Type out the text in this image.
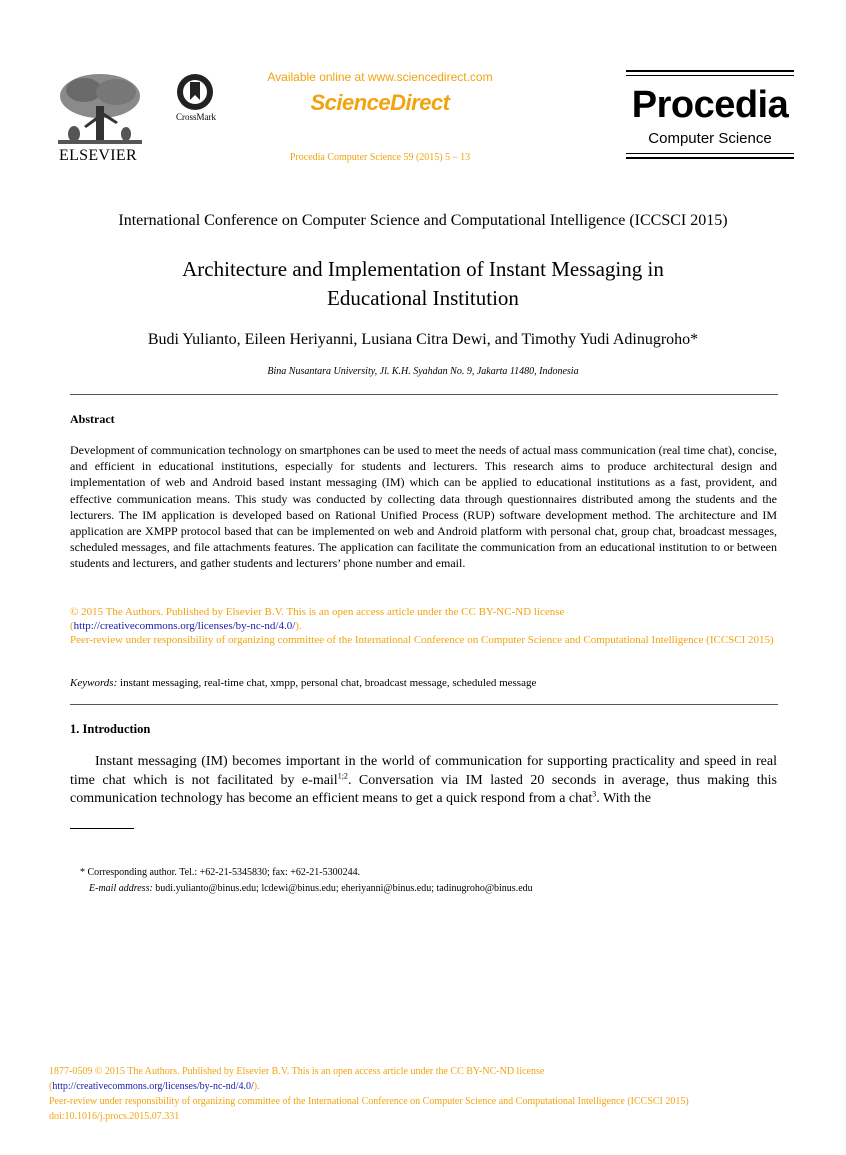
ELSEVIER
CrossMark
Available online at www.sciencedirect.com
ScienceDirect
Procedia Computer Science 59 (2015) 5 – 13
Procedia
Computer Science
International Conference on Computer Science and Computational Intelligence (ICCSCI 2015)
Architecture and Implementation of Instant Messaging in
Educational Institution
Budi Yulianto, Eileen Heriyanni, Lusiana Citra Dewi, and Timothy Yudi Adinugroho*
Bina Nusantara University, Jl. K.H. Syahdan No. 9, Jakarta 11480, Indonesia
Abstract
Development of communication technology on smartphones can be used to meet the needs of actual mass communication (real time chat), concise, and efficient in educational institutions, especially for students and lecturers. This research aims to produce architectural design and implementation of web and Android based instant messaging (IM) which can be applied to educational institutions as a fast, provident, and effective communication means. This study was conducted by collecting data through questionnaires distributed among the students and the lecturers. The IM application is developed based on Rational Unified Process (RUP) software development method. The architecture and IM application are XMPP protocol based that can be implemented on web and Android platform with personal chat, group chat, broadcast messages, scheduled messages, and file attachments features. The application can facilitate the communication from an educational institution to or between students and lecturers, and gather students and lecturers’ phone number and email.
© 2015 The Authors. Published by Elsevier B.V. This is an open access article under the CC BY-NC-ND license
(http://creativecommons.org/licenses/by-nc-nd/4.0/).
Peer-review under responsibility of organizing committee of the International Conference on Computer Science and Computational Intelligence (ICCSCI 2015)
Keywords: instant messaging, real-time chat, xmpp, personal chat, broadcast message, scheduled message
1. Introduction

Instant messaging (IM) becomes important in the world of communication for supporting practicality and speed in real time chat which is not facilitated by e-mail$^{1;2}$. Conversation via IM lasted 20 seconds in average, thus making this communication technology has become an efficient means to get a quick respond from a chat$^3$. With the

* Corresponding author. Tel.: +62-21-5345830; fax: +62-21-5300244.
E-mail address: budi.yulianto@binus.edu; lcdewi@binus.edu; eheriyanni@binus.edu; tadinugroho@binus.edu
1877-0509 © 2015 The Authors. Published by Elsevier B.V. This is an open access article under the CC BY-NC-ND license
(http://creativecommons.org/licenses/by-nc-nd/4.0/).
Peer-review under responsibility of organizing committee of the International Conference on Computer Science and Computational Intelligence (ICCSCI 2015)
doi:10.1016/j.procs.2015.07.331
